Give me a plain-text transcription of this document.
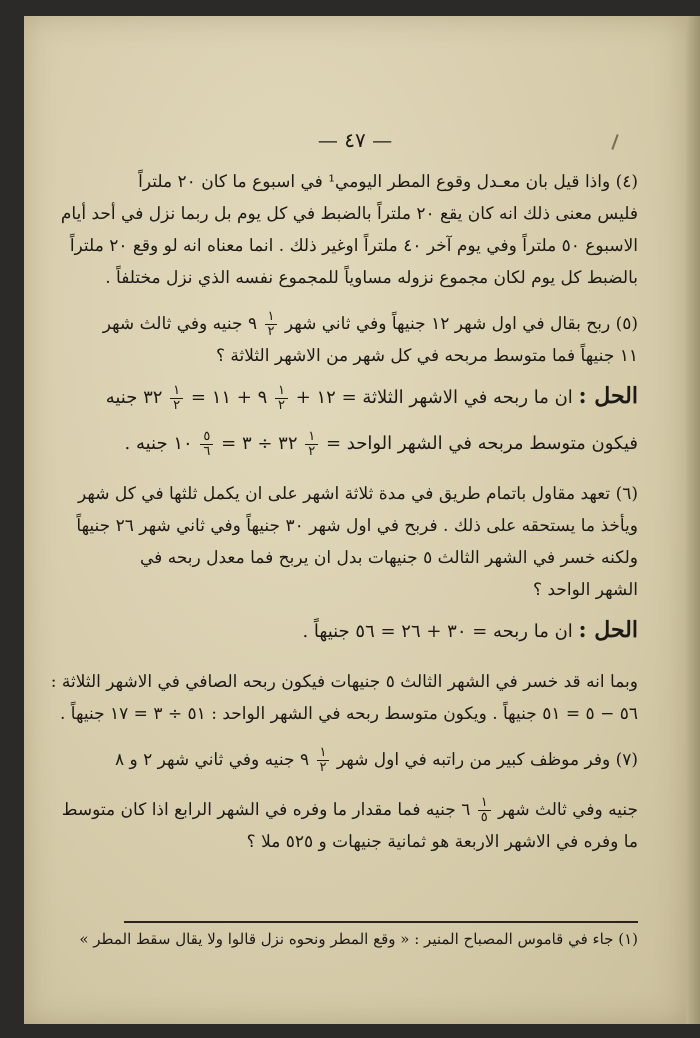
— ٤٧ —
(٤) واذا قيل بان معـدل وقوع المطر اليومي¹ في اسبوع ما كان ٢٠ ملتراً
فليس معنى ذلك انه كان يقع ٢٠ ملتراً بالضبط في كل يوم بل ربما نزل في أحد أيام
الاسبوع ٥٠ ملتراً وفي يوم آخر ٤٠ ملتراً اوغير ذلك . انما معناه انه لو وقع ٢٠ ملتراً
بالضبط كل يوم لكان مجموع نزوله مساوياً للمجموع نفسه الذي نزل مختلفاً .
(٥) ربح بقال في اول شهر ١٢ جنيهاً وفي ثاني شهر
$\frac{١}{٢}$
٩ جنيه وفي ثالث شهر
١١ جنيهاً فما متوسط مربحه في كل شهر من الاشهر الثلاثة ؟
الحل : ان ما ربحه في الاشهر الثلاثة = ١٢ +
$\frac{١}{٢}$
٩ + ١١ =
$\frac{١}{٢}$
٣٢ جنيه
فيكون متوسط مربحه في الشهر الواحد =
$\frac{١}{٢}$
٣٢ ÷ ٣ =
$\frac{٥}{٦}$
١٠ جنيه .
(٦) تعهد مقاول باتمام طريق في مدة ثلاثة اشهر على ان يكمل ثلثها في كل شهر
ويأخذ ما يستحقه على ذلك . فربح في اول شهر ٣٠ جنيهاً وفي ثاني شهر ٢٦ جنيهاً
ولكنه خسر في الشهر الثالث ٥ جنيهات بدل ان يربح فما معدل ربحه في
الشهر الواحد ؟
الحل : ان ما ربحه = ٣٠ + ٢٦ = ٥٦ جنيهاً .
وبما انه قد خسر في الشهر الثالث ٥ جنيهات فيكون ربحه الصافي في الاشهر الثلاثة :
٥٦ − ٥ = ٥١ جنيهاً . ويكون متوسط ربحه في الشهر الواحد : ٥١ ÷ ٣ = ١٧ جنيهاً .
(٧) وفر موظف كبير من راتبه في اول شهر
$\frac{١}{٢}$
٩ جنيه وفي ثاني شهر ٢ و ٨
جنيه وفي ثالث شهر
$\frac{١}{٥}$
٦ جنيه فما مقدار ما وفره في الشهر الرابع اذا كان متوسط
ما وفره في الاشهر الاربعة هو ثمانية جنيهات و ٥٢٥ ملا ؟
(١) جاء في قاموس المصباح المنير : « وقع المطر ونحوه نزل قالوا ولا يقال سقط المطر »
